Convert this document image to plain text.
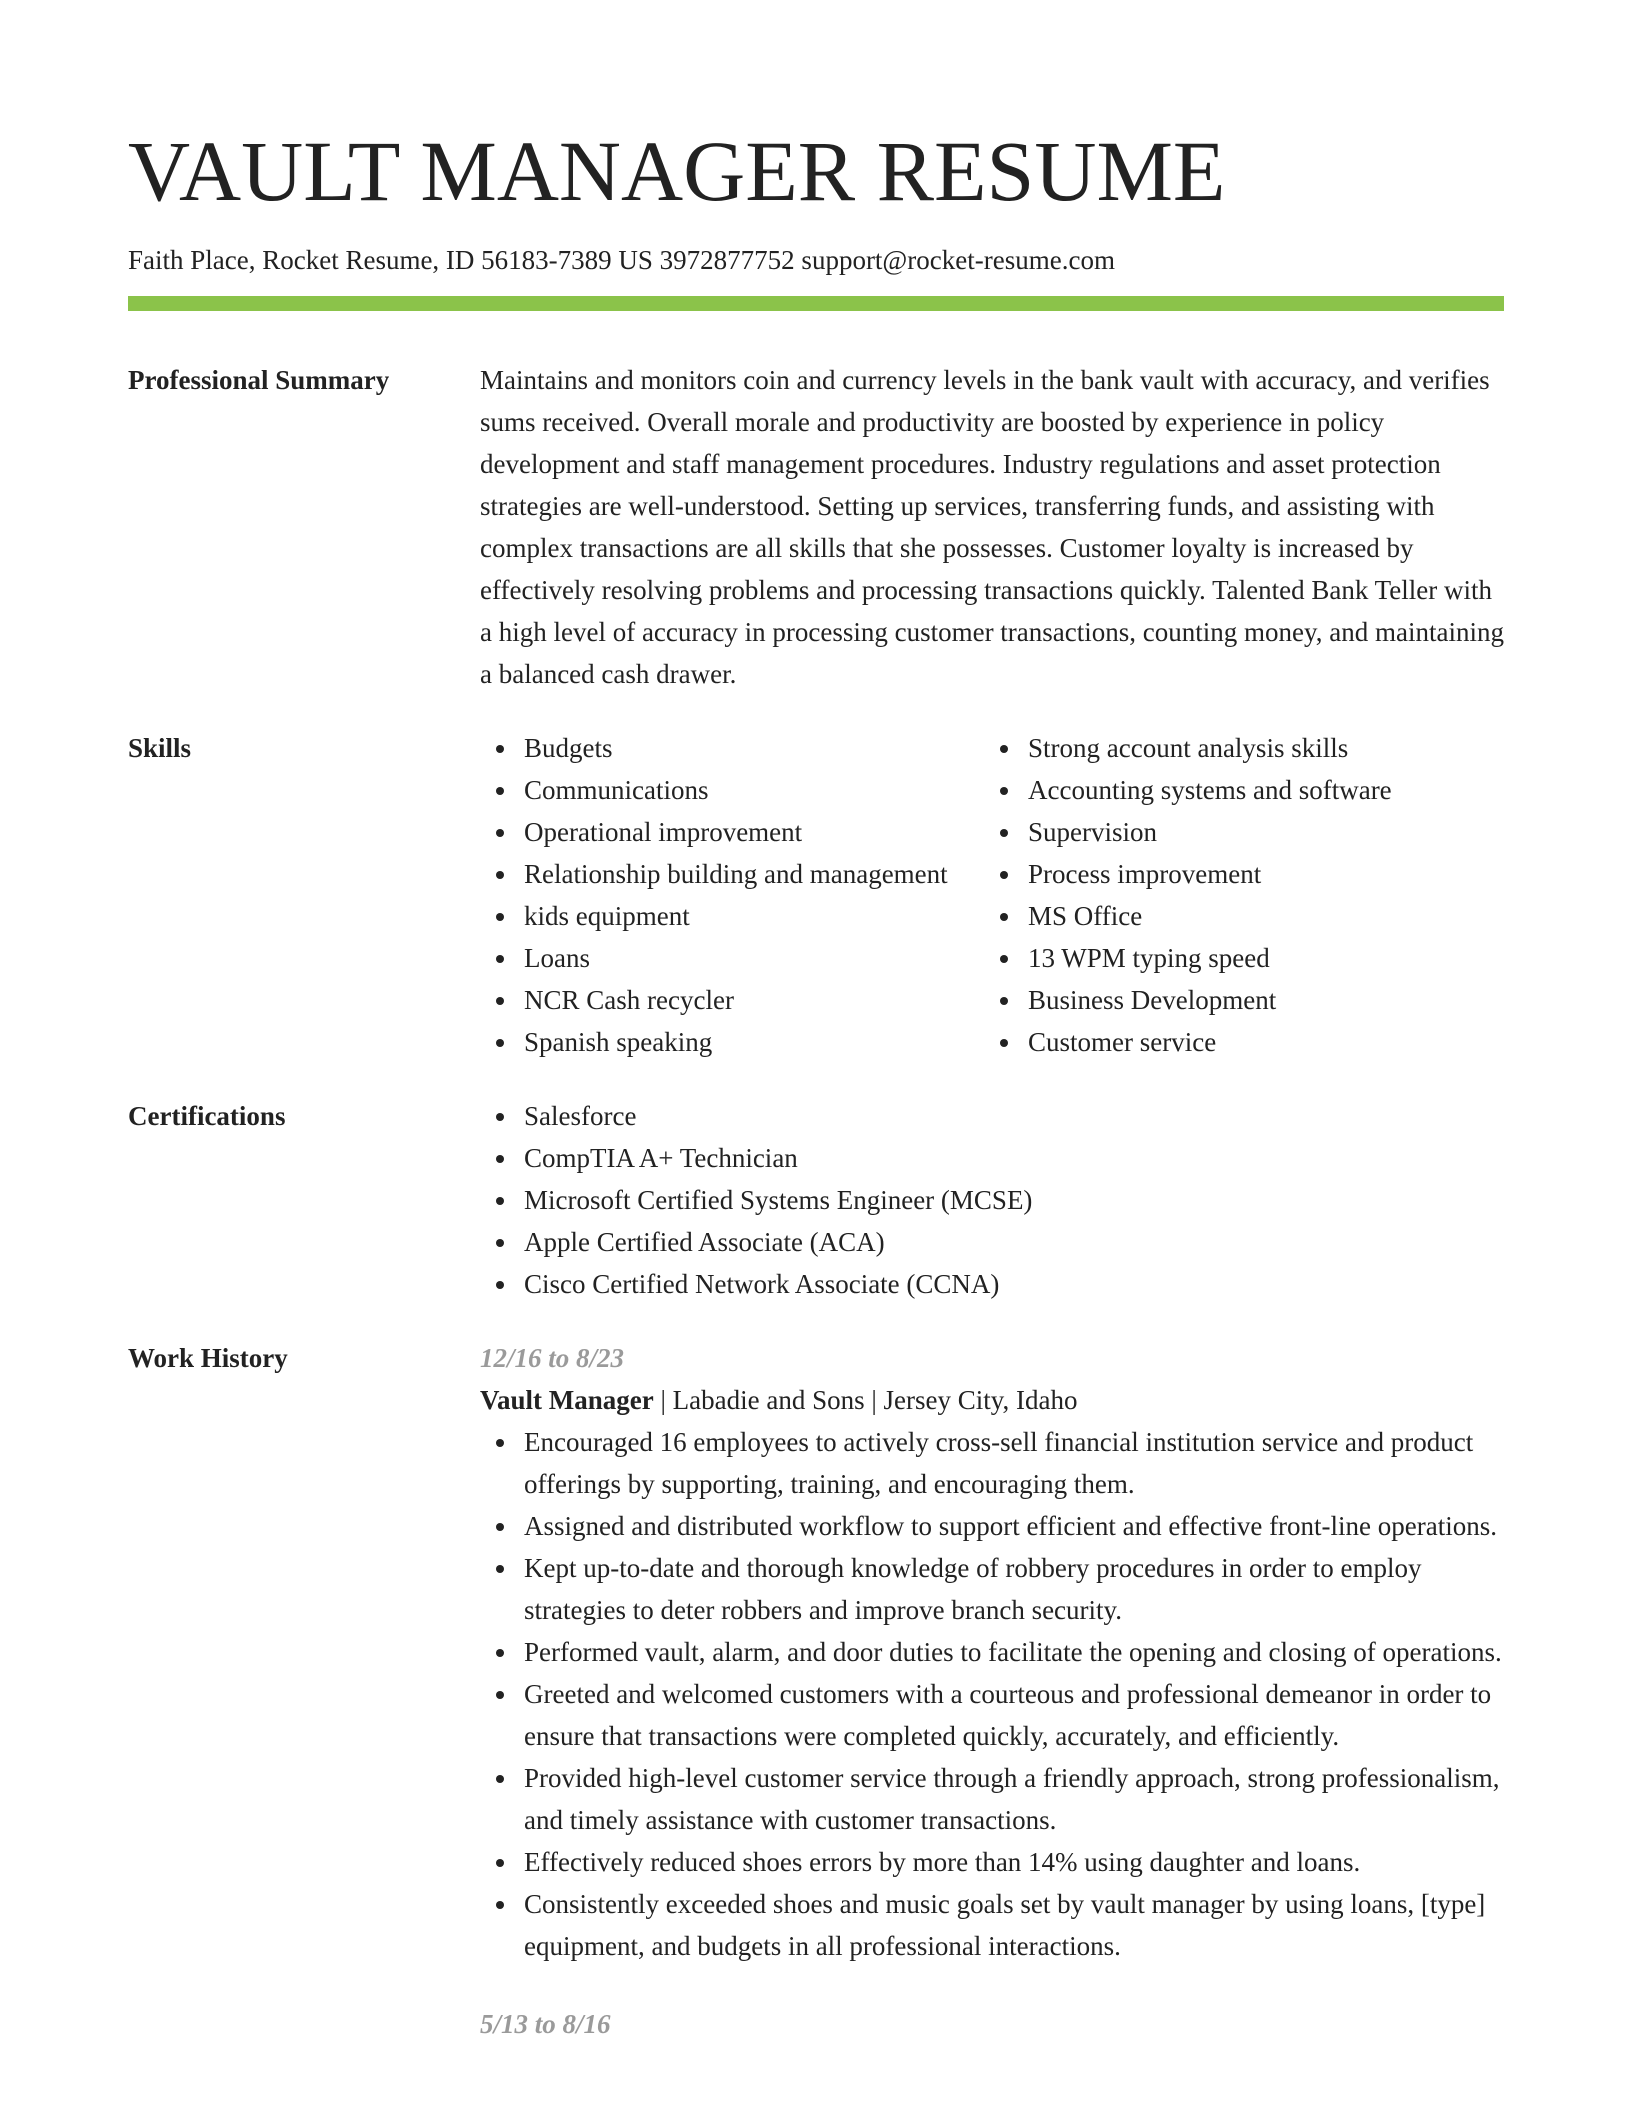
VAULT MANAGER RESUME
Faith Place, Rocket Resume, ID 56183-7389 US 3972877752 support@rocket-resume.com
Professional Summary	Maintains and monitors coin and currency levels in the bank vault with accuracy, and verifies sums received. Overall morale and productivity are boosted by experience in policy development and staff management procedures. Industry regulations and asset protection strategies are well-understood. Setting up services, transferring funds, and assisting with complex transactions are all skills that she possesses. Customer loyalty is increased by effectively resolving problems and processing transactions quickly. Talented Bank Teller with a high level of accuracy in processing customer transactions, counting money, and maintaining a balanced cash drawer.
Skills	Budgets
Communications
Operational improvement
Relationship building and management
kids equipment
Loans
NCR Cash recycler
Spanish speaking
Strong account analysis skills
Accounting systems and software
Supervision
Process improvement
MS Office
13 WPM typing speed
Business Development
Customer service
Certifications	Salesforce
CompTIA A+ Technician
Microsoft Certified Systems Engineer (MCSE)
Apple Certified Associate (ACA)
Cisco Certified Network Associate (CCNA)
Work History	12/16 to 8/23
Vault Manager | Labadie and Sons | Jersey City, Idaho
Encouraged 16 employees to actively cross-sell financial institution service and product offerings by supporting, training, and encouraging them.
Assigned and distributed workflow to support efficient and effective front-line operations.
Kept up-to-date and thorough knowledge of robbery procedures in order to employ strategies to deter robbers and improve branch security.
Performed vault, alarm, and door duties to facilitate the opening and closing of operations.
Greeted and welcomed customers with a courteous and professional demeanor in order to ensure that transactions were completed quickly, accurately, and efficiently.
Provided high-level customer service through a friendly approach, strong professionalism, and timely assistance with customer transactions.
Effectively reduced shoes errors by more than 14% using daughter and loans.
Consistently exceeded shoes and music goals set by vault manager by using loans, [type] equipment, and budgets in all professional interactions.
5/13 to 8/16
